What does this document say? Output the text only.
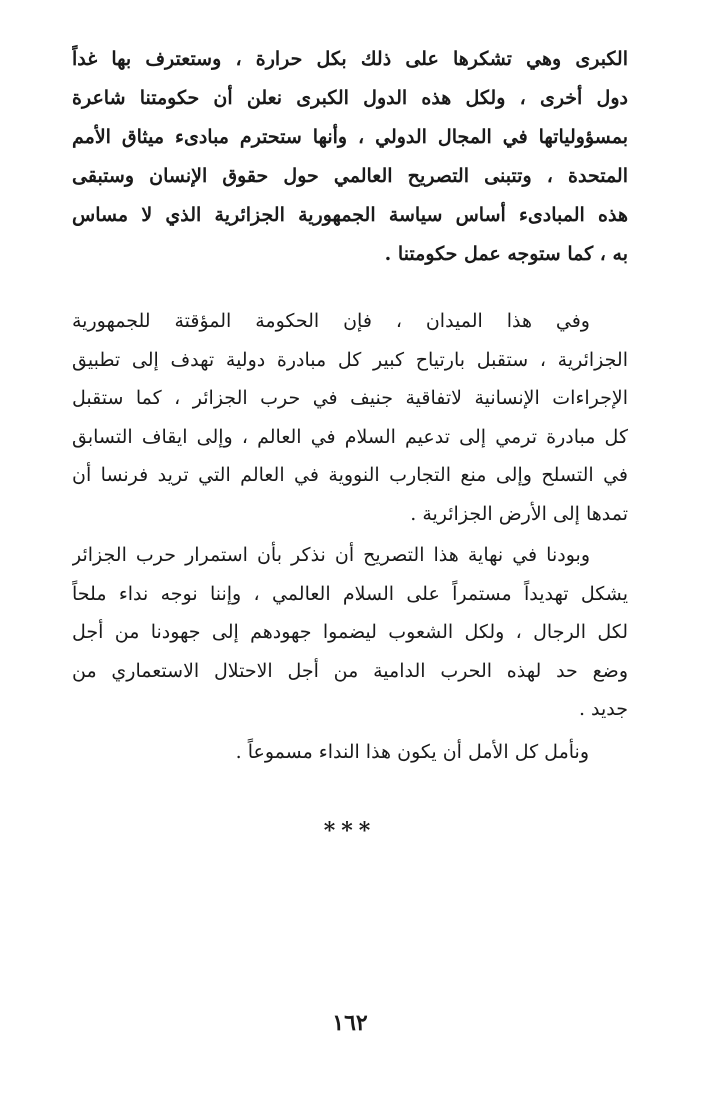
الكبرى وهي تشكرها على ذلك بكل حرارة ، وستعترف بها غداً
دول أخرى ، ولكل هذه الدول الكبرى نعلن أن حكومتنا شاعرة
بمسؤولياتها في المجال الدولي ، وأنها ستحترم مبادىء ميثاق الأمم
المتحدة ، وتتبنى التصريح العالمي حول حقوق الإنسان وستبقى
هذه المبادىء أساس سياسة الجمهورية الجزائرية الذي لا مساس
به ، كما ستوجه عمل حكومتنا .
وفي هذا الميدان ، فإن الحكومة المؤقتة للجمهورية
الجزائرية ، ستقبل بارتياح كبير كل مبادرة دولية تهدف إلى تطبيق
الإجراءات الإنسانية لاتفاقية جنيف في حرب الجزائر ، كما ستقبل
كل مبادرة ترمي إلى تدعيم السلام في العالم ، وإلى ايقاف التسابق
في التسلح وإلى منع التجارب النووية في العالم التي تريد فرنسا أن
تمدها إلى الأرض الجزائرية .
وبودنا في نهاية هذا التصريح أن نذكر بأن استمرار حرب الجزائر
يشكل تهديداً مستمراً على السلام العالمي ، وإننا نوجه نداء ملحاً
لكل الرجال ، ولكل الشعوب ليضموا جهودهم إلى جهودنا من أجل
وضع حد لهذه الحرب الدامية من أجل الاحتلال الاستعماري من
جديد .
ونأمل كل الأمل أن يكون هذا النداء مسموعاً .
***
١٦٢
